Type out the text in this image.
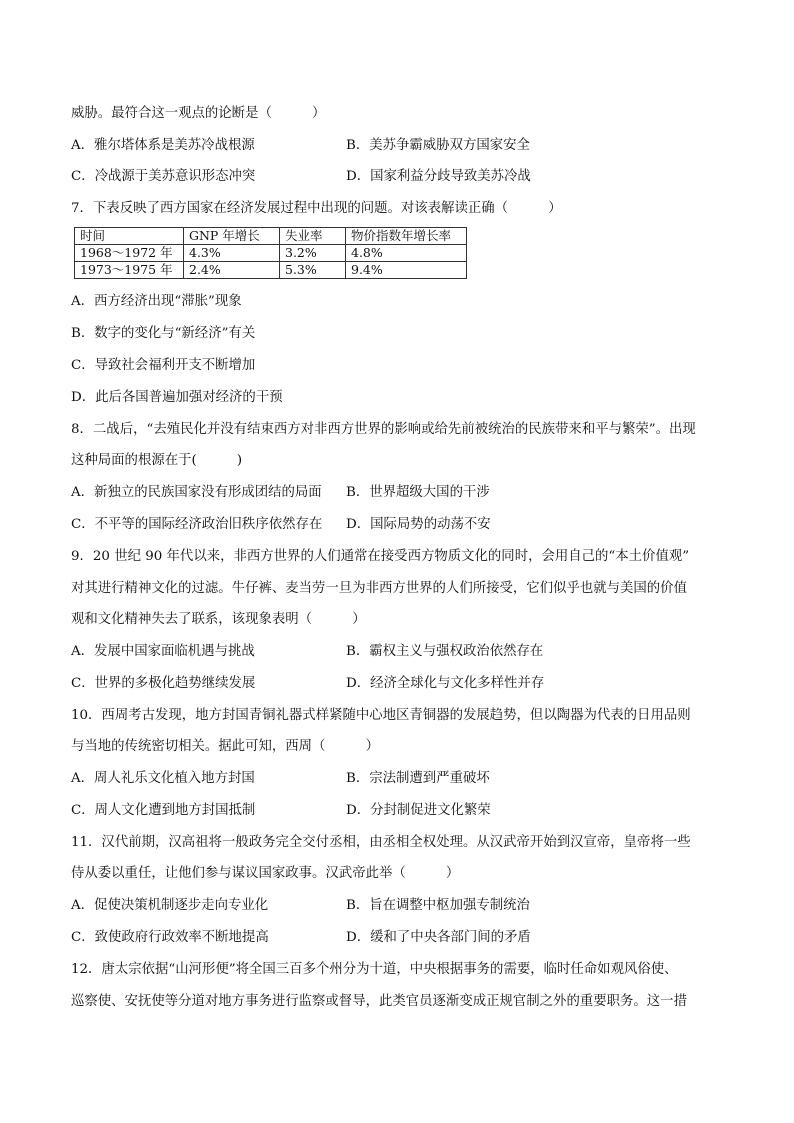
威胁。最符合这一观点的论断是（　　　）
A．雅尔塔体系是美苏冷战根源	B．美苏争霸威胁双方国家安全
C．冷战源于美苏意识形态冲突	D．国家利益分歧导致美苏冷战
7．下表反映了西方国家在经济发展过程中出现的问题。对该表解读正确（　　　）
时间	GNP 年增长	失业率	物价指数年增长率
1968～1972 年	4.3%	3.2%	4.8%
1973～1975 年	2.4%	5.3%	9.4%
A．西方经济出现“滞胀”现象
B．数字的变化与“新经济”有关
C．导致社会福利开支不断增加
D．此后各国普遍加强对经济的干预
8．二战后，“去殖民化并没有结束西方对非西方世界的影响或给先前被统治的民族带来和平与繁荣”。出现
这种局面的根源在于(　　　)
A．新独立的民族国家没有形成团结的局面 B．世界超级大国的干涉
C．不平等的国际经济政治旧秩序依然存在 D．国际局势的动荡不安
9．20 世纪 90 年代以来，非西方世界的人们通常在接受西方物质文化的同时，会用自己的“本土价值观”
对其进行精神文化的过滤。牛仔裤、麦当劳一旦为非西方世界的人们所接受，它们似乎也就与美国的价值
观和文化精神失去了联系，该现象表明（　　　）
A．发展中国家面临机遇与挑战	B．霸权主义与强权政治依然存在
C．世界的多极化趋势继续发展	D．经济全球化与文化多样性并存
10．西周考古发现，地方封国青铜礼器式样紧随中心地区青铜器的发展趋势，但以陶器为代表的日用品则
与当地的传统密切相关。据此可知，西周（　　　）
A．周人礼乐文化植入地方封国	B．宗法制遭到严重破坏
C．周人文化遭到地方封国抵制	D．分封制促进文化繁荣
11．汉代前期，汉高祖将一般政务完全交付丞相，由丞相全权处理。从汉武帝开始到汉宣帝，皇帝将一些
侍从委以重任，让他们参与谋议国家政事。汉武帝此举（　　　）
A．促使决策机制逐步走向专业化	B．旨在调整中枢加强专制统治
C．致使政府行政效率不断地提高	D．缓和了中央各部门间的矛盾
12．唐太宗依据“山河形便”将全国三百多个州分为十道，中央根据事务的需要，临时任命如观风俗使、
巡察使、安抚使等分道对地方事务进行监察或督导，此类官员逐渐变成正规官制之外的重要职务。这一措
